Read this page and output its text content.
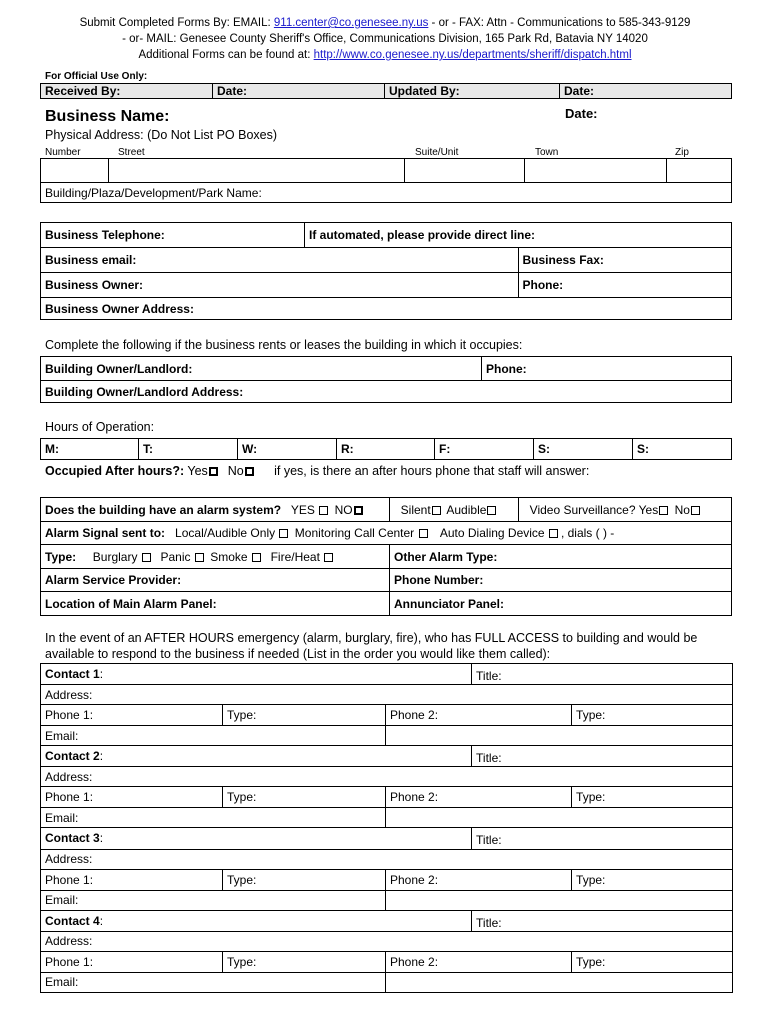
Submit Completed Forms By: EMAIL: 911.center@co.genesee.ny.us - or - FAX: Attn - Communications to 585-343-9129
- or- MAIL: Genesee County Sheriff's Office, Communications Division, 165 Park Rd, Batavia NY 14020
Additional Forms can be found at: http://www.co.genesee.ny.us/departments/sheriff/dispatch.html
For Official Use Only:
Received By:	Date:	Updated By:	Date:
Business Name:	Date:
Physical Address: (Do Not List PO Boxes)
Number	Street	Suite/Unit	Town	Zip

Building/Plaza/Development/Park Name:
Business Telephone:	If automated, please provide direct line:	
Business email:		Business Fax:
Business Owner:		Phone:
Business Owner Address:		
Complete the following if the business rents or leases the building in which it occupies:
Building Owner/Landlord:	Phone:
Building Owner/Landlord Address:
Hours of Operation:
M:	T:	W:	R:	F:	S:	S:
Occupied After hours?: Yes No if yes, is there an after hours phone that staff will answer:
Does the building have an alarm system? YES NO	Silent Audible	Video Surveillance? Yes No
Alarm Signal sent to: Local/Audible Only Monitoring Call Center Auto Dialing Device , dials ( ) -		
Type: Burglary Panic Smoke Fire/Heat	Other Alarm Type:	
Alarm Service Provider:	Phone Number:	
Location of Main Alarm Panel:	Annunciator Panel:	
In the event of an AFTER HOURS emergency (alarm, burglary, fire), who has FULL ACCESS to building and would be
available to respond to the business if needed (List in the order you would like them called):
Contact 1:			Title:	
Address:				
Phone 1:	Type:	Phone 2:		Type:
Email:				
Contact 2:			Title:	
Address:				
Phone 1:	Type:	Phone 2:		Type:
Email:				
Contact 3:			Title:	
Address:				
Phone 1:	Type:	Phone 2:		Type:
Email:				
Contact 4:			Title:	
Address:				
Phone 1:	Type:	Phone 2:		Type:
Email:				
